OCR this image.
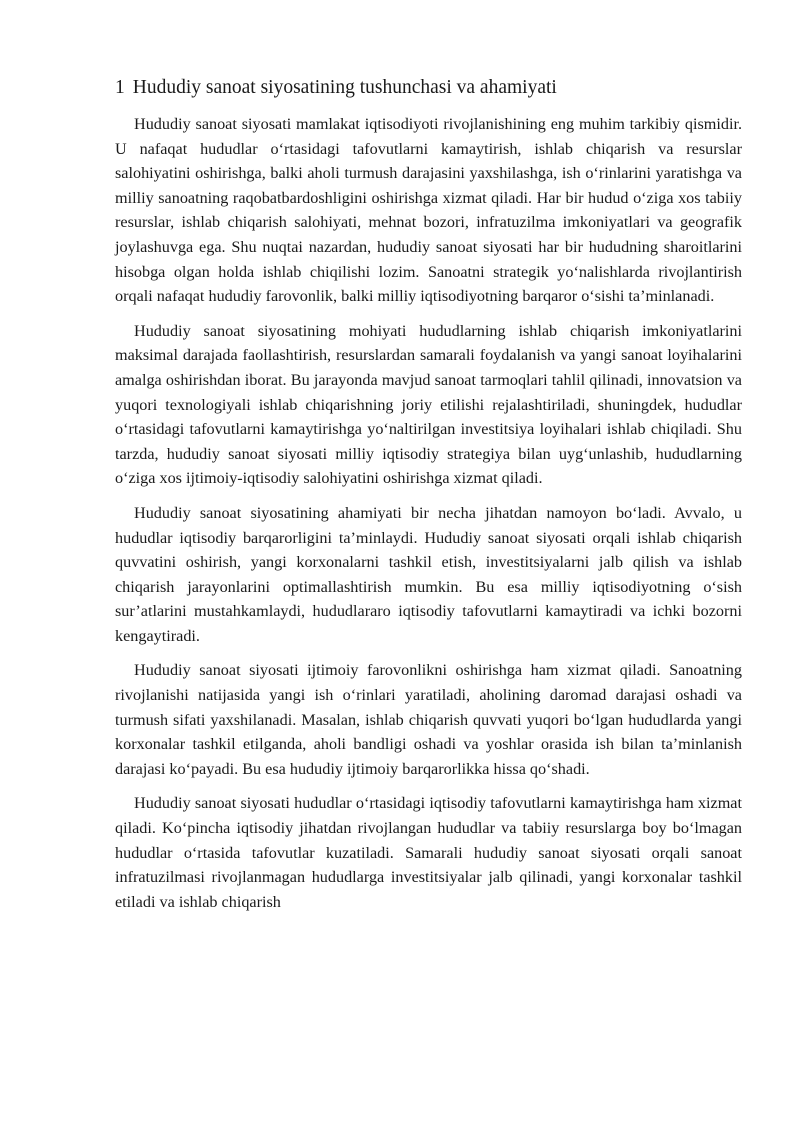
1 Hududiy sanoat siyosatining tushunchasi va ahamiyati

Hududiy sanoat siyosati mamlakat iqtisodiyoti rivojlanishining eng muhim tarkibiy qismidir. U nafaqat hududlar o‘rtasidagi tafovutlarni kamaytirish, ishlab chiqarish va resurslar salohiyatini oshirishga, balki aholi turmush darajasini yaxshilashga, ish o‘rinlarini yaratishga va milliy sanoatning raqobatbardoshligini oshirishga xizmat qiladi. Har bir hudud o‘ziga xos tabiiy resurslar, ishlab chiqarish salohiyati, mehnat bozori, infratuzilma imkoniyatlari va geografik joylashuvga ega. Shu nuqtai nazardan, hududiy sanoat siyosati har bir hududning sharoitlarini hisobga olgan holda ishlab chiqilishi lozim. Sanoatni strategik yo‘nalishlarda rivojlantirish orqali nafaqat hududiy farovonlik, balki milliy iqtisodiyotning barqaror o‘sishi ta’minlanadi.

Hududiy sanoat siyosatining mohiyati hududlarning ishlab chiqarish imkoniyatlarini maksimal darajada faollashtirish, resurslardan samarali foydalanish va yangi sanoat loyihalarini amalga oshirishdan iborat. Bu jarayonda mavjud sanoat tarmoqlari tahlil qilinadi, innovatsion va yuqori texnologiyali ishlab chiqarishning joriy etilishi rejalashtiriladi, shuningdek, hududlar o‘rtasidagi tafovutlarni kamaytirishga yo‘naltirilgan investitsiya loyihalari ishlab chiqiladi. Shu tarzda, hududiy sanoat siyosati milliy iqtisodiy strategiya bilan uyg‘unlashib, hududlarning o‘ziga xos ijtimoiy-iqtisodiy salohiyatini oshirishga xizmat qiladi.

Hududiy sanoat siyosatining ahamiyati bir necha jihatdan namoyon bo‘ladi. Avvalo, u hududlar iqtisodiy barqarorligini ta’minlaydi. Hududiy sanoat siyosati orqali ishlab chiqarish quvvatini oshirish, yangi korxonalarni tashkil etish, investitsiyalarni jalb qilish va ishlab chiqarish jarayonlarini optimallashtirish mumkin. Bu esa milliy iqtisodiyotning o‘sish sur’atlarini mustahkamlaydi, hududlararo iqtisodiy tafovutlarni kamaytiradi va ichki bozorni kengaytiradi.

Hududiy sanoat siyosati ijtimoiy farovonlikni oshirishga ham xizmat qiladi. Sanoatning rivojlanishi natijasida yangi ish o‘rinlari yaratiladi, aholining daromad darajasi oshadi va turmush sifati yaxshilanadi. Masalan, ishlab chiqarish quvvati yuqori bo‘lgan hududlarda yangi korxonalar tashkil etilganda, aholi bandligi oshadi va yoshlar orasida ish bilan ta’minlanish darajasi ko‘payadi. Bu esa hududiy ijtimoiy barqarorlikka hissa qo‘shadi.

Hududiy sanoat siyosati hududlar o‘rtasidagi iqtisodiy tafovutlarni kamaytirishga ham xizmat qiladi. Ko‘pincha iqtisodiy jihatdan rivojlangan hududlar va tabiiy resurslarga boy bo‘lmagan hududlar o‘rtasida tafovutlar kuzatiladi. Samarali hududiy sanoat siyosati orqali sanoat infratuzilmasi rivojlanmagan hududlarga investitsiyalar jalb qilinadi, yangi korxonalar tashkil etiladi va ishlab chiqarish
